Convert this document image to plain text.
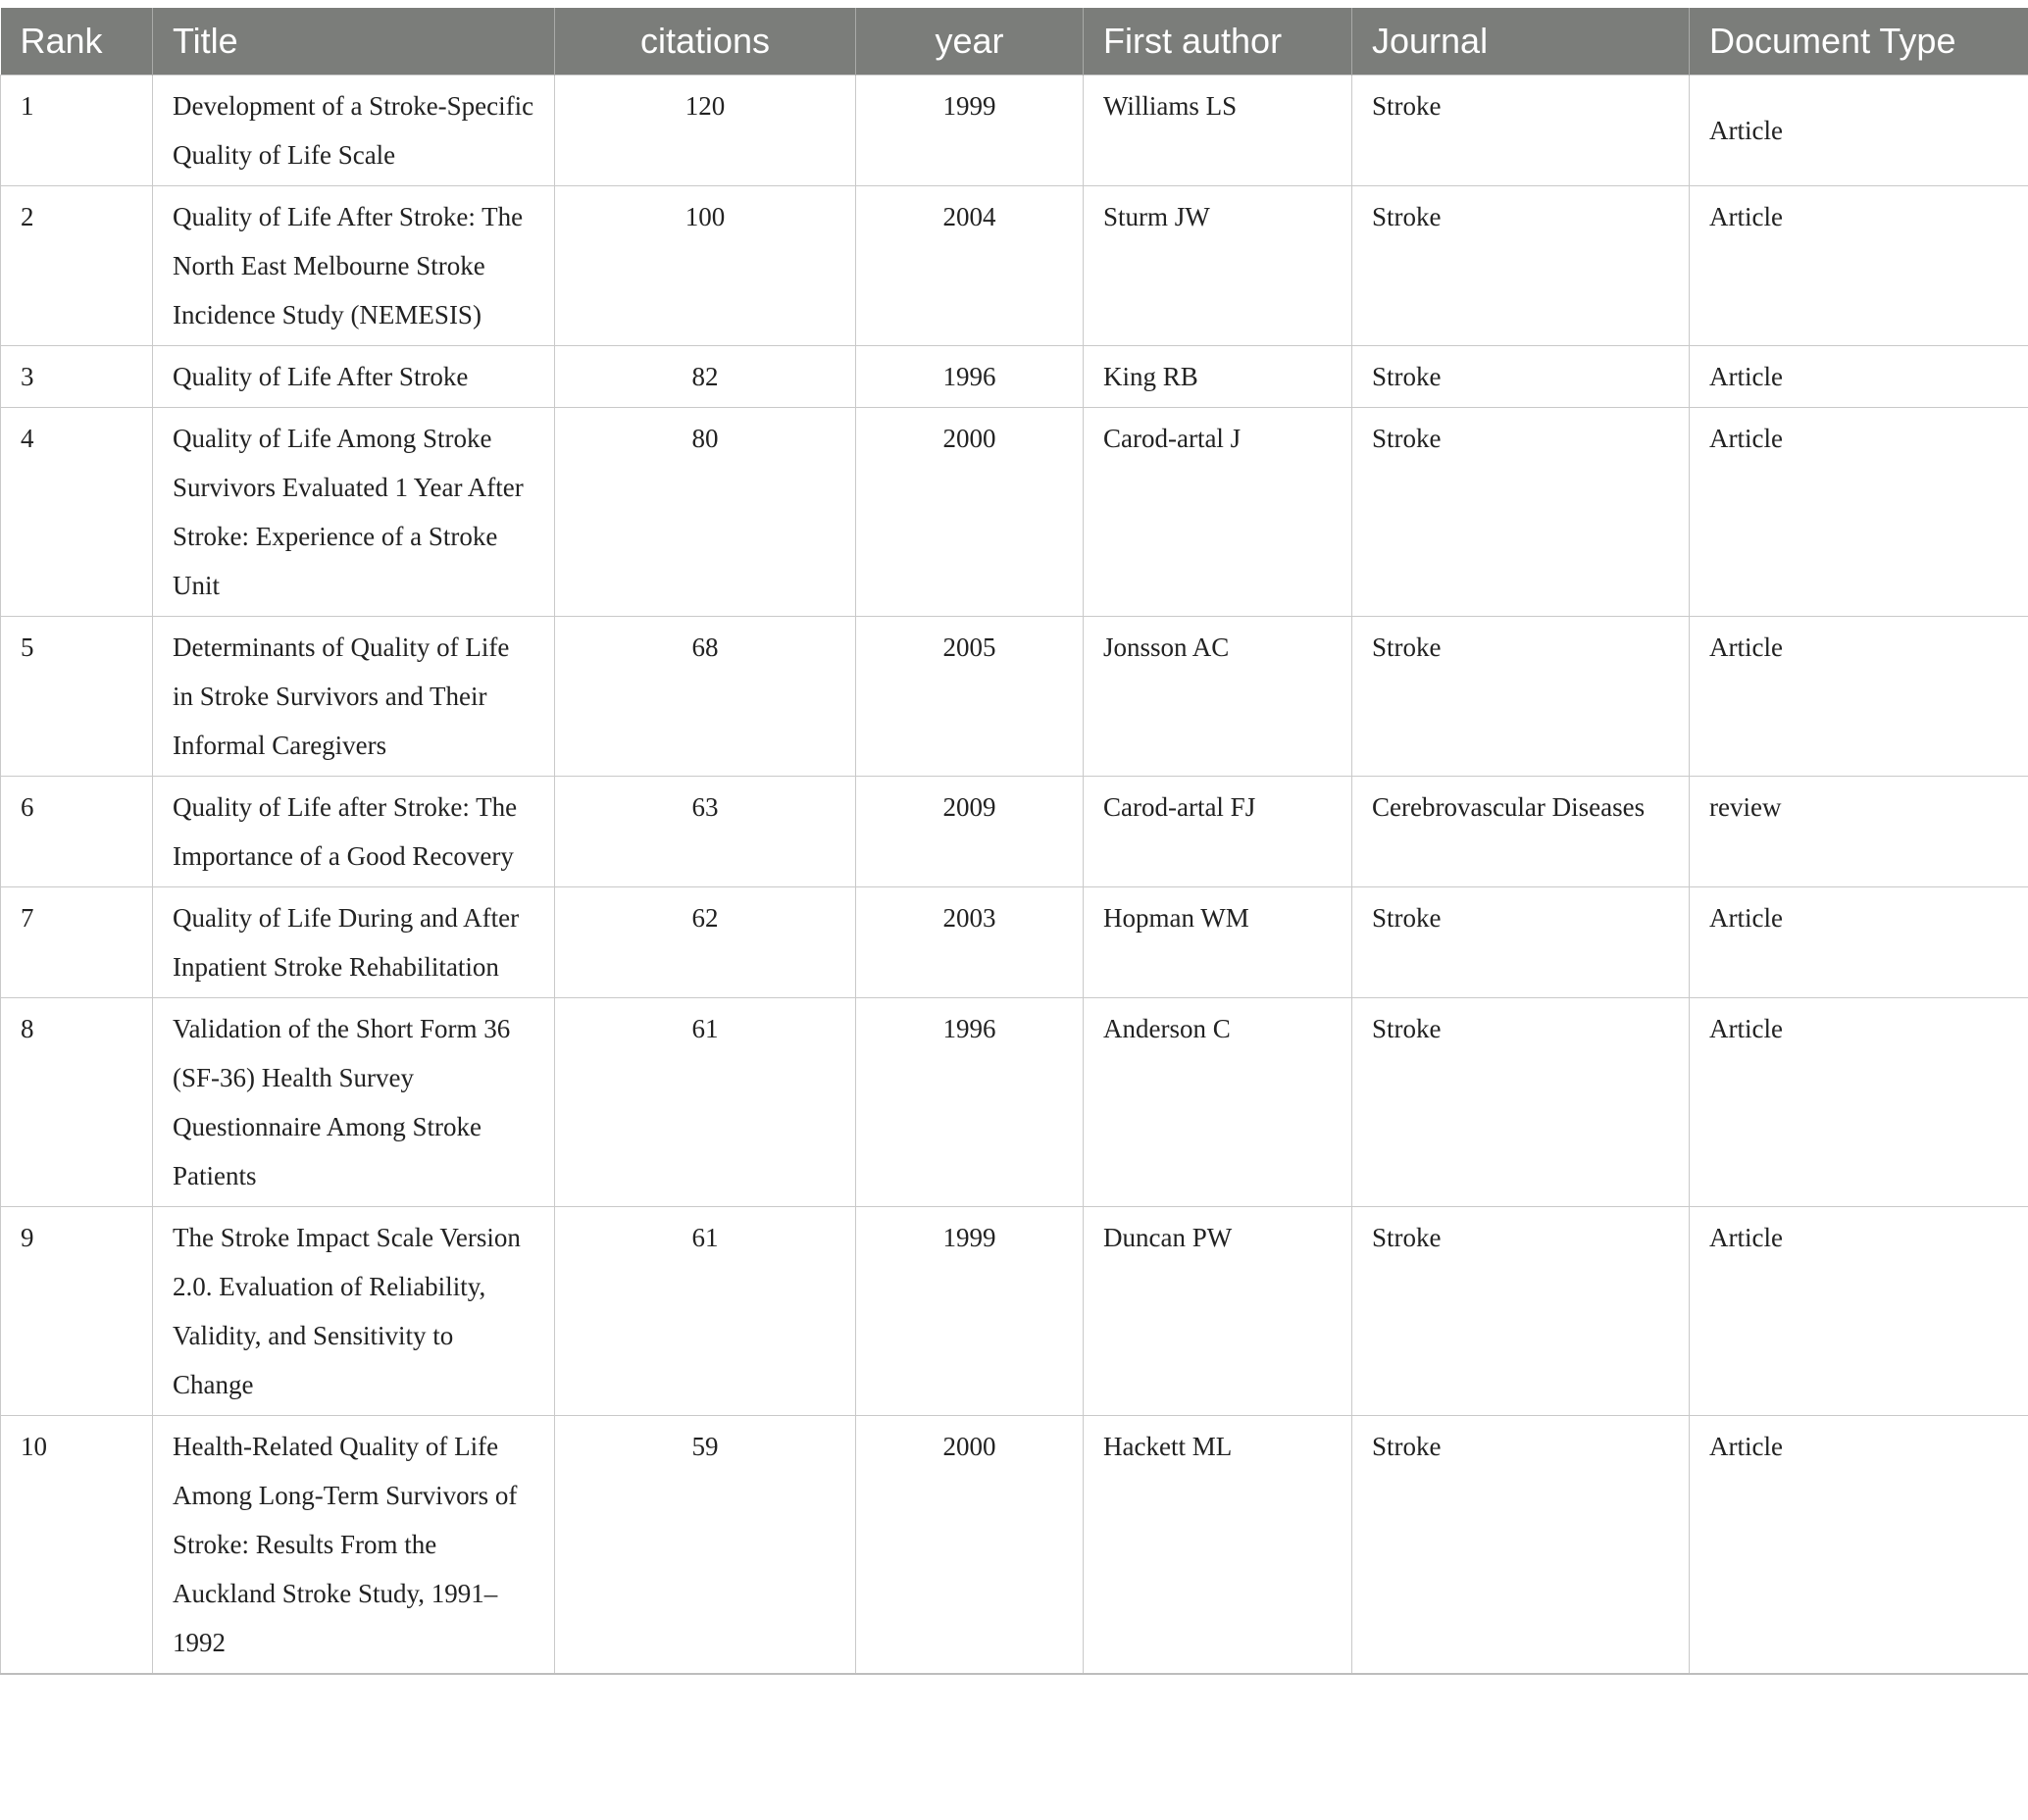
Rank	Title	citations	year	First author	Journal	Document Type
1	Development of a Stroke-Specific Quality of Life Scale	120	1999	Williams LS	Stroke	Article
2	Quality of Life After Stroke: The North East Melbourne Stroke Incidence Study (NEMESIS)	100	2004	Sturm JW	Stroke	Article
3	Quality of Life After Stroke	82	1996	King RB	Stroke	Article
4	Quality of Life Among Stroke Survivors Evaluated 1 Year After Stroke: Experience of a Stroke Unit	80	2000	Carod-artal J	Stroke	Article
5	Determinants of Quality of Life in Stroke Survivors and Their Informal Caregivers	68	2005	Jonsson AC	Stroke	Article
6	Quality of Life after Stroke: The Importance of a Good Recovery	63	2009	Carod-artal FJ	Cerebrovascular Diseases	review
7	Quality of Life During and After Inpatient Stroke Rehabilitation	62	2003	Hopman WM	Stroke	Article
8	Validation of the Short Form 36 (SF-36) Health Survey Questionnaire Among Stroke Patients	61	1996	Anderson C	Stroke	Article
9	The Stroke Impact Scale Version 2.0. Evaluation of Reliability, Validity, and Sensitivity to Change	61	1999	Duncan PW	Stroke	Article
10	Health-Related Quality of Life Among Long-Term Survivors of Stroke: Results From the Auckland Stroke Study, 1991–1992	59	2000	Hackett ML	Stroke	Article
